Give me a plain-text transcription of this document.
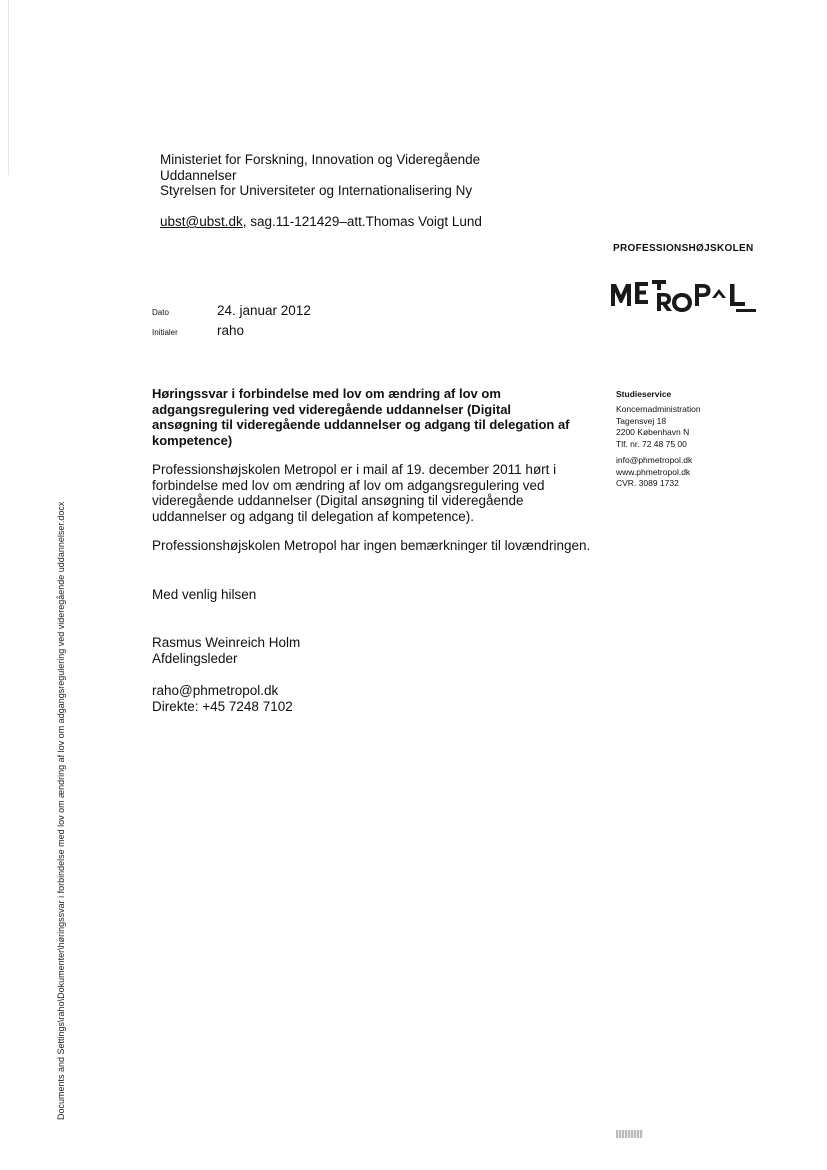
Ministeriet for Forskning, Innovation og Videregående
Uddannelser
Styrelsen for Universiteter og Internationalisering Ny
ubst@ubst.dk, sag.11-121429–att.Thomas Voigt Lund
PROFESSIONSHØJSKOLEN
Dato	24. januar 2012
Initialer	raho
Høringssvar i forbindelse med lov om ændring af lov om
adgangsregulering ved videregående uddannelser (Digital
ansøgning til videregående uddannelser og adgang til delegation af
kompetence)
Professionshøjskolen Metropol er i mail af 19. december 2011 hørt i
forbindelse med lov om ændring af lov om adgangsregulering ved
videregående uddannelser (Digital ansøgning til videregående
uddannelser og adgang til delegation af kompetence).
Professionshøjskolen Metropol har ingen bemærkninger til lovændringen.
Med venlig hilsen
Rasmus Weinreich Holm
Afdelingsleder
raho@phmetropol.dk
Direkte: +45 7248 7102
Studieservice
Koncernadministration
Tagensvej 18
2200 København N
Tlf. nr. 72 48 75 00
info@phmetropol.dk
www.phmetropol.dk
CVR. 3089 1732
Documents and Settings\raho\Dokumenter\høringssvar i forbindelse med lov om ændring af lov om adgangsregulering ved videregående uddannelser.docx
